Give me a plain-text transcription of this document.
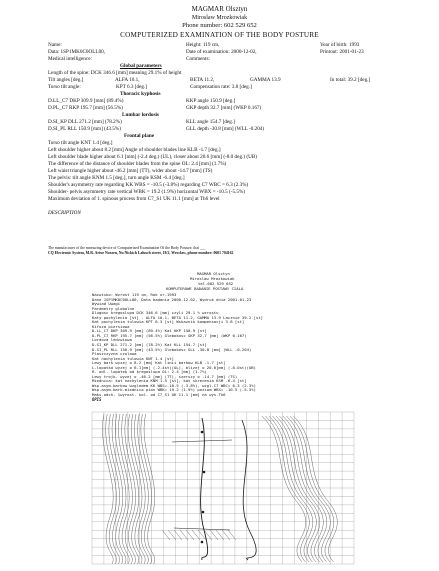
MAGMAR Olsztyn
Miroslaw Mrozkowiak
Phone number: 602 529 652
COMPUTERIZED EXAMINATION OF THE BODY POSTURE
Name:	Height: 119 cm,	Year of birth: 1993
Data: 1SP1MK0C0OLL00,	Date of examination: 2000-12-02,	Printout: 2001-01-23
Medical intelligence:	Comments:
Global parameters
Length of the spine: DCK 346.6 [mm] meaning 29.1% of height
Tilt angles [deg.]	ALFA 10.1,	BETA 11.2,	GAMMA 13.9	In total: 39.2 [deg.]
Torso tilt angle:	KPT 6.3 [deg.]	Compensation rate: 3.8 [deg.]
Thoracic kyphosis
D.LL_C7 DKP 309.9 [mm] (89.4%)	KKP angle 150.9 [deg.]
D.PL_C7 RKP 195.7 [mm] (56.5%)	GKP depth 32.7 [mm] (WKP 0.167)
Lumbar lordosis
D.SI_KP DLL 271.2 [mm] (78.2%)	KLL angle 154.7 [deg.]
D.SI_PL RLL 150.9 [mm] (43.5%)	GLL depth -30.8 [mm] (WLL -0.204)
Frontal plane
Torso tilt angle KNT 1.4 [deg.]
Left shoulder higher about 8.2 [mm] Angle of shoulder blades line KLB -1.7 [deg.]
Left shoulder blade higher about 6.1 [mm] (-2.4 deg.) (UL), closer about 20.6 [mm] (-8.0 deg.) (UB)
The difference of the distance of shoulder blades from the spine OL: 2.4 [mm] (1.7%)
Left waist triangle higher about -46.2 [mm] (TT), wider about -14.7 [mm] (TS)
The pelvis: tilt angle KNM 1.5 [deg.], turn angle KSM -6.4 [deg.]
Shoulder's asymmetry rate regarding KK WBS = -10.5 (-3.8%) regarding C7 WBC = 6.3 (2.3%)
Shoulder- pelvis asymmetry rate vertical WBK = 19.2 (1.9%) horizontal WBX = -10.5 (-5.5%)
Maximum deviation of 1. spinous process from C7_S1 UK 11.1 [mm] at Th6 level
DESCRIPTION
The manufacturer of the measuring device of Computerized Examination Of the Body Posture, that ___
CQ Electronic System, M.R. Artur Norzen, Nu Nickich Lalusch street, 18/2, Wroclaw, phone number: 0601 704162
MAGMAR Olsztyn
Miroslaw Mrozkowiak
tel.602 529 652
KOMPUTEROWE BADANIE POSTAWY CIALA
Nazwisko: Wzrost 119 cm, Rok ur.1993
Dane 1SP1MK0C0OLL00, Data badania 2000-12-02, Wydruk dnia 2001-01-23
Wywiad Uwagi
Parametry globalne
Dlugosc kregoslupa DCK 346.6 [mm] czyli 29.1 % wzrostu
Katy pochylenia [st] - ALFA 10.1, BETA 11.2, GAMMA 13.9 Lacznie 39.2 [st]
Kat pochylenia tulowia KPT 6.3 [st] Wskaznik kompensacji 3.8 [st]
Kifoza piersiowa
D.LL_C7 DKP 309.9 [mm] (89.4%) Kat KKP 150.9 [st]
D.PL_C7 RKP 195.7 [mm] (56.5%) Glebokosc GKP 32.7 [mm] (WKP 0.167)
Lordoza ledzwiowa
D.SI_KP DLL 271.2 [mm] (78.2%) Kat KLL 154.7 [st]
D.SI_PL RLL 150.9 [mm] (43.5%) Glebokosc GLL -30.8 [mm] (WLL -0.204)
Plaszczyzna czolowa
Kat nachylenia tulowia KNT 1.4 [st]
Lewy bark wyzej o 8.2 [mm] Kat linii barkow KLB -1.7 [st]
L.lopatka wyzej o 6.1[mm] (-2.4st)(UL), blizej o 20.6[mm] (-8.0st)(UB)
R. odl. lopatek od kregoslupa OL: 2.4 [mm] (1.7%)
Lewy trojk. wyzej o -46.2 [mm] (TT), szerszy o -14.7 [mm] (TS)
Miednica: kat nachylenia KNM 1.5 [st], kat skrecenia KSM -6.4 [st]
Wsp.asym.barkow wzgledem KK WBS=-10.5 (-3.8%), wzgl.C7 WBC= 6.3 (2.3%)
Wsp.asym.bark-miednica pion WBK= 19.2 (1.9%) poziom WBX= -10.5 (-5.5%)
Maks.odch. 1wyrost. kol. od C7_S1 UK 11.1 [mm] na wys.Th6
OPIS
